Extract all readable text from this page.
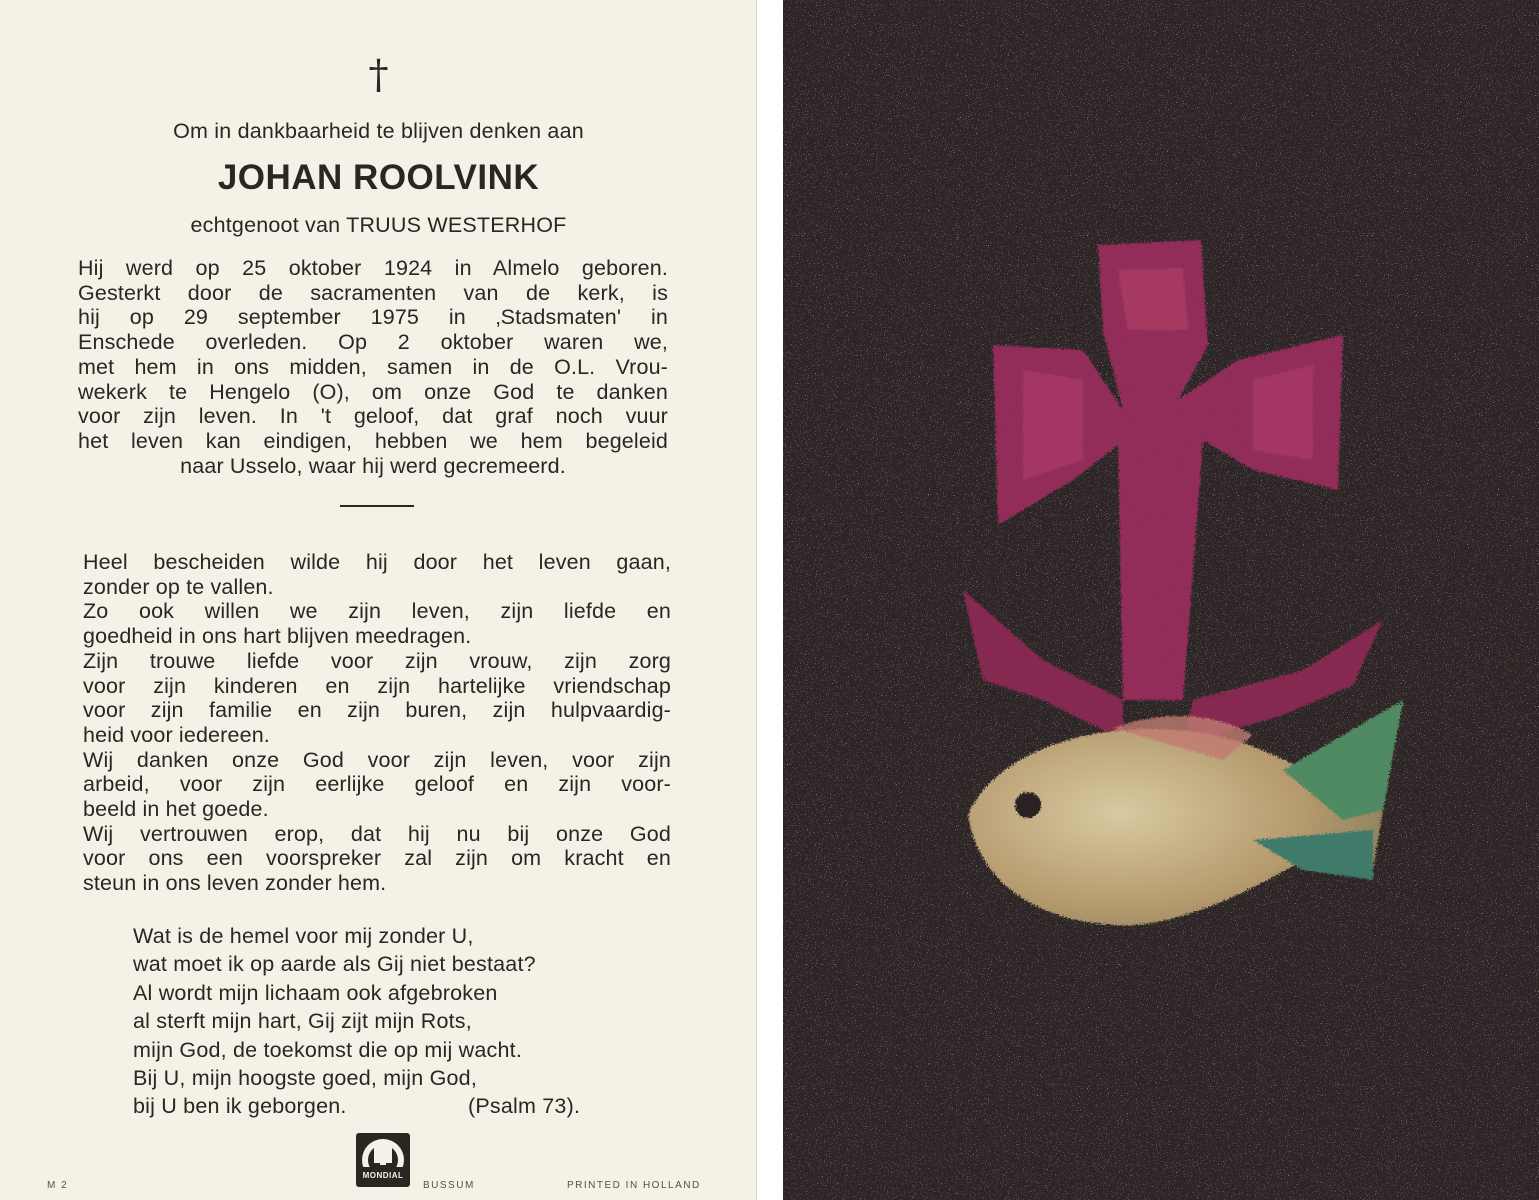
†
Om in dankbaarheid te blijven denken aan
JOHAN ROOLVINK
echtgenoot van TRUUS WESTERHOF
Hij werd op 25 oktober 1924 in Almelo geboren.
Gesterkt door de sacramenten van de kerk, is
hij op 29 september 1975 in ‚Stadsmaten' in
Enschede overleden. Op 2 oktober waren we,
met hem in ons midden, samen in de O.L. Vrou-
wekerk te Hengelo (O), om onze God te danken
voor zijn leven. In 't geloof, dat graf noch vuur
het leven kan eindigen, hebben we hem begeleid
naar Usselo, waar hij werd gecremeerd.
Heel bescheiden wilde hij door het leven gaan,
zonder op te vallen.
Zo ook willen we zijn leven, zijn liefde en
goedheid in ons hart blijven meedragen.
Zijn trouwe liefde voor zijn vrouw, zijn zorg
voor zijn kinderen en zijn hartelijke vriendschap
voor zijn familie en zijn buren, zijn hulpvaardig-
heid voor iedereen.
Wij danken onze God voor zijn leven, voor zijn
arbeid, voor zijn eerlijke geloof en zijn voor-
beeld in het goede.
Wij vertrouwen erop, dat hij nu bij onze God
voor ons een voorspreker zal zijn om kracht en
steun in ons leven zonder hem.
Wat is de hemel voor mij zonder U,
wat moet ik op aarde als Gij niet bestaat?
Al wordt mijn lichaam ook afgebroken
al sterft mijn hart, Gij zijt mijn Rots,
mijn God, de toekomst die op mij wacht.
Bij U, mijn hoogste goed, mijn God,
bij U ben ik geborgen.	(Psalm 73).
M 2
MONDIAL
BUSSUM	PRINTED IN HOLLAND
